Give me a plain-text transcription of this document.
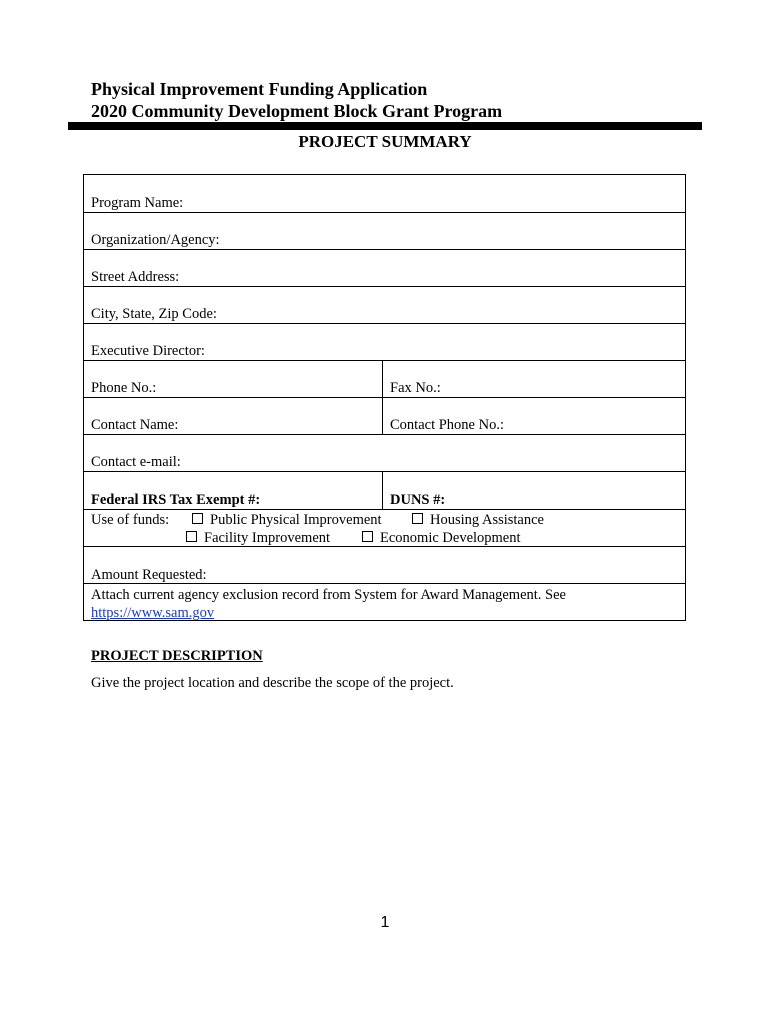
Physical Improvement Funding Application
2020 Community Development Block Grant Program
PROJECT SUMMARY
Program Name:
Organization/Agency:
Street Address:
City, State, Zip Code:
Executive Director:
Phone No.:	Fax No.:
Contact Name:	Contact Phone No.:
Contact e-mail:
Federal IRS Tax Exempt #:	DUNS #:
Use of funds:	Public Physical Improvement	Housing Assistance
Facility Improvement	Economic Development
Amount Requested:
Attach current agency exclusion record from System for Award Management. See
https://www.sam.gov
PROJECT DESCRIPTION
Give the project location and describe the scope of the project.
1
